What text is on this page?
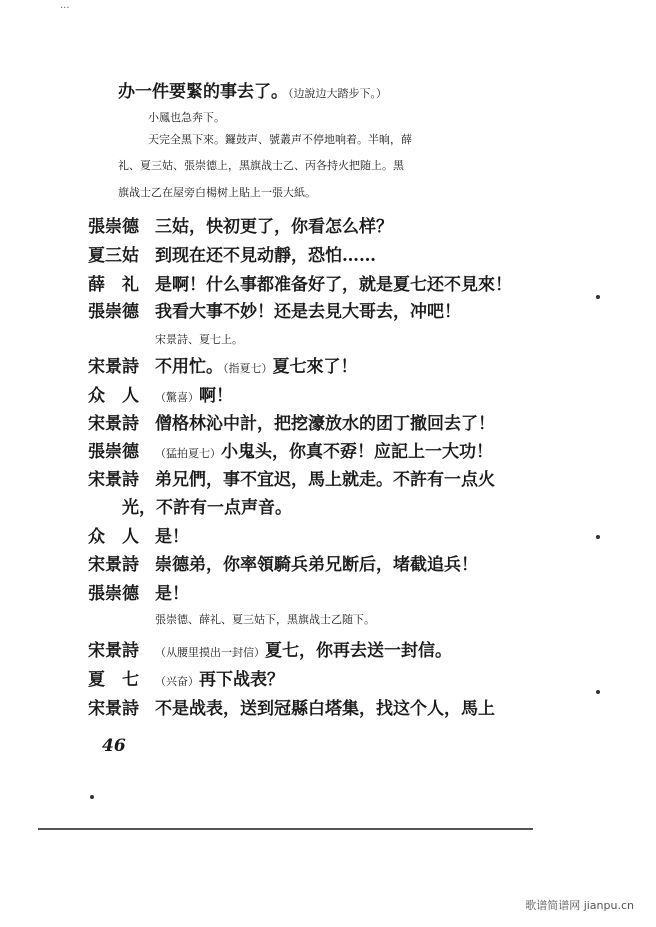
...
办一件要緊的事去了。（边說边大踏步下。）
小鳳也急奔下。
天完全黑下來。鑼鼓声、號叢声不停地响着。半晌，薛
礼、夏三姑、張崇德上，黑旗战士乙、丙各持火把随上。黑
旗战士乙在屋旁白楊树上貼上一張大紙。
張崇德 三姑，快初更了，你看怎么样？
夏三姑 到现在还不見动靜，恐怕……
薛　礼 是啊！什么事都准备好了，就是夏七还不見來！
張崇德 我看大事不妙！还是去見大哥去，冲吧！
宋景詩、夏七上。
宋景詩 不用忙。（指夏七）夏七來了！
众　人	（驚喜）啊！
宋景詩 僧格林沁中計，把挖濠放水的团丁撤回去了！
張崇德	（猛拍夏七）小鬼头，你真不孬！应記上一大功！
宋景詩 弟兄們，事不宜迟，馬上就走。不許有一点火
光，不許有一点声音。
众　人 是！
宋景詩 崇德弟，你率領騎兵弟兄断后，堵截追兵！
張崇德 是！
張崇德、薛礼、夏三姑下，黑旗战士乙随下。
宋景詩	（从腰里摸出一封信）夏七，你再去送一封信。
夏　七	（兴奋）再下战表？
宋景詩 不是战表，送到冠縣白塔集，找这个人，馬上
46
歌谱简谱网 jianpu.cn
